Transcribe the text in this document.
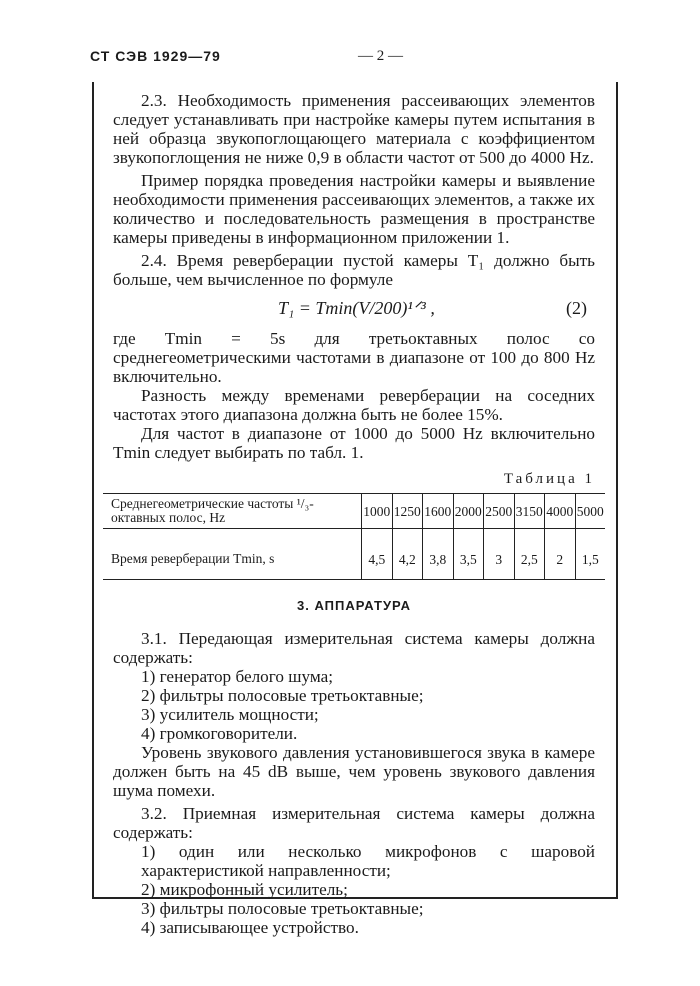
СТ СЭВ 1929—79	— 2 —

2.3. Необходимость применения рассеивающих элементов следует устанавливать при настройке камеры путем испытания в ней образца звукопоглощающего материала с коэффициентом звукопоглощения не ниже 0,9 в области частот от 500 до 4000 Hz.

Пример порядка проведения настройки камеры и выявление необходимости применения рассеивающих элементов, а также их количество и последовательность размещения в пространстве камеры приведены в информационном приложении 1.

2.4. Время реверберации пустой камеры T₁ должно быть больше, чем вычисленное по формуле

T₁ = Tmin(V/200)¹ᐟ³ ,	(2)

где Tmin = 5s для третьоктавных полос со среднегеометрическими частотами в диапазоне от 100 до 800 Hz включительно.

Разность между временами реверберации на соседних частотах этого диапазона должна быть не более 15%.

Для частот в диапазоне от 1000 до 5000 Hz включительно Tmin следует выбирать по табл. 1.

Таблица 1
Среднегеометрические частоты ¹/₃-октавных полос, Hz	1000	1250	1600	2000	2500	3150	4000	5000

Время реверберации Tmin, s	4,5	4,2	3,8	3,5	3	2,5	2	1,5
3. АППАРАТУРА

3.1. Передающая измерительная система камеры должна содержать:

1) генератор белого шума;

2) фильтры полосовые третьоктавные;

3) усилитель мощности;

4) громкоговорители.

Уровень звукового давления установившегося звука в камере должен быть на 45 dB выше, чем уровень звукового давления шума помехи.

3.2. Приемная измерительная система камеры должна содержать:

1) один или несколько микрофонов с шаровой характеристикой направленности;

2) микрофонный усилитель;

3) фильтры полосовые третьоктавные;

4) записывающее устройство.
